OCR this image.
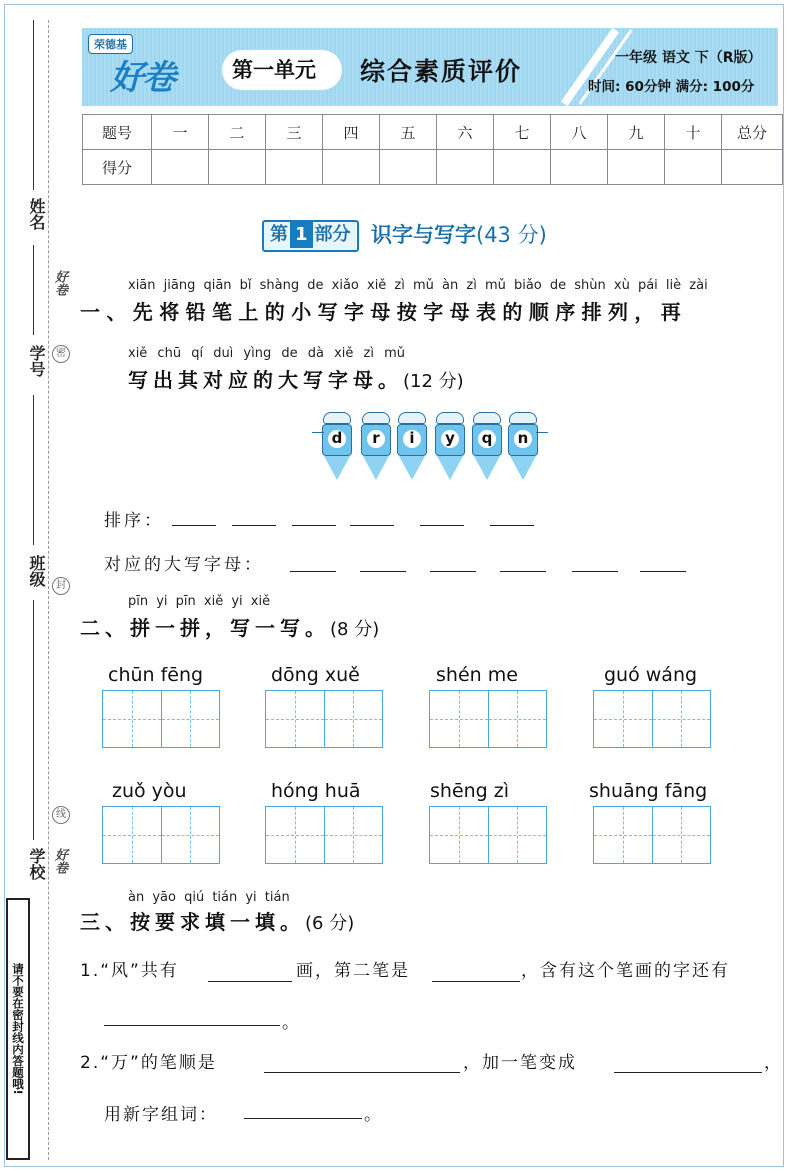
姓名
学号
班级
学校
密
封
线
好卷
好卷
请不要在密封线内答题哦!
荣德基
好卷	第一单元 综合素质评价	一年级 语文 下（R版）
时间: 60分钟 满分: 100分
题号	一	二	三	四	五	六	七	八	九	十	总分
得分											
第 1 部分 识字与写字(43 分)
xiān jiāng qiān bǐ shàng de xiǎo xiě zì mǔ àn zì mǔ biǎo de shùn xù pái liè zài
一、先将铅笔上的小写字母按字母表的顺序排列，再
xiě chū qí duì yìng de dà xiě zì mǔ
写出其对应的大写字母。(12 分)
d	r	i	y	q	n
排序：
对应的大写字母：
pīn yi pīn xiě yi xiě
二、拼一拼，写一写。(8 分)
chūn fēng	dōng xuě	shén me	guó wáng
zuǒ yòu	hóng huā	shēng zì	shuāng fāng
àn yāo qiú tián yi tián
三、按要求填一填。(6 分)
1.“风”共有	画，第二笔是	，含有这个笔画的字还有
。
2.“万”的笔顺是	，加一笔变成	，
用新字组词：	。
